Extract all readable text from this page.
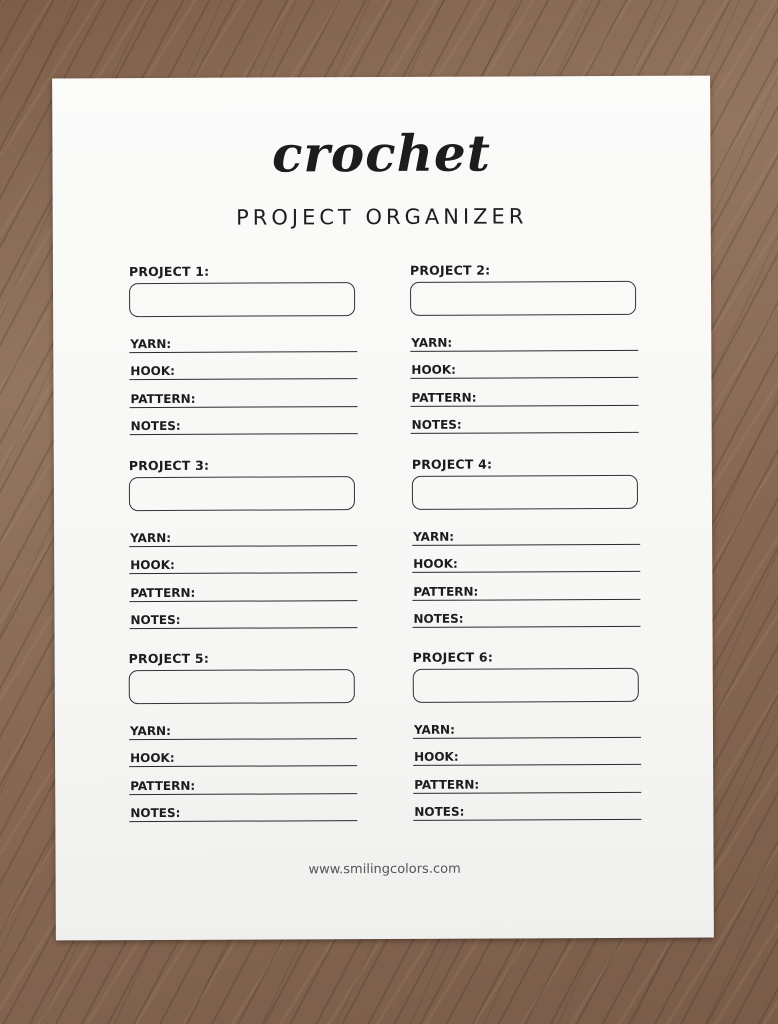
crochet
PROJECT ORGANIZER
PROJECT 1:
YARN:
HOOK:
PATTERN:
NOTES:
PROJECT 2:
YARN:
HOOK:
PATTERN:
NOTES:
PROJECT 3:
YARN:
HOOK:
PATTERN:
NOTES:
PROJECT 4:
YARN:
HOOK:
PATTERN:
NOTES:
PROJECT 5:
YARN:
HOOK:
PATTERN:
NOTES:
PROJECT 6:
YARN:
HOOK:
PATTERN:
NOTES:
www.smilingcolors.com
